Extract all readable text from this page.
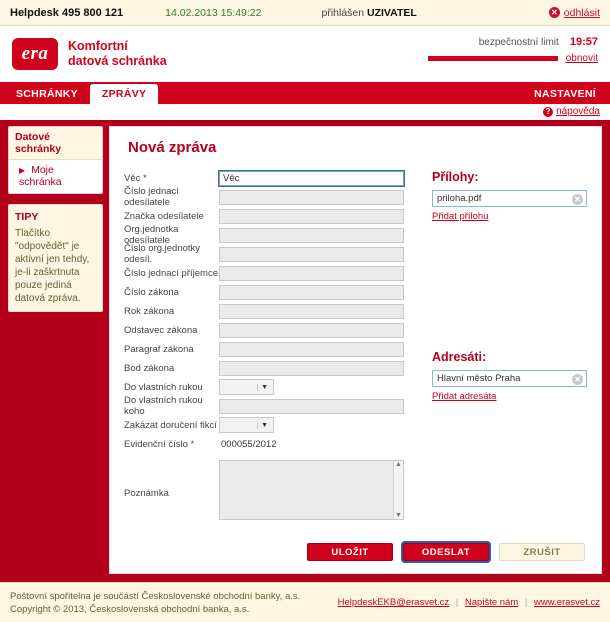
Helpdesk 495 800 121	14.02.2013 15:49:22	přihlášen UZIVATEL	✕ odhlásit
era	Komfortní
datová schránka
bezpečnostní limit 19:57
obnovit
SCHRÁNKY	ZPRÁVY	NASTAVENÍ
? nápověda
Datové schránky
▶ Moje schránka
TIPY
Tlačítko "odpovědět" je aktivní jen tehdy, je-li zaškrtnuta pouze jediná datová zpráva.
Nová zpráva
Věc *
Věc
Číslo jednací odesílatele
Značka odesílatele
Org.jednotka odesílatele
Číslo org.jednotky odesíl.
Číslo jednací příjemce
Číslo zákona
Rok zákona
Odstavec zákona
Paragraf zákona
Bod zákona
Do vlastních rukou	▼
Do vlastních rukou koho
Zakázat doručení fikcí	▼
Evidenční číslo *	000055/2012
Poznámka
▲
▼
Přílohy:
priloha.pdf	✕
Přidat přílohu
Adresáti:
Hlavní město Praha	✕
Přidat adresáta
ULOŽIT	ODESLAT	ZRUŠIT
Poštovní spořitelna je součástí Československé obchodní banky, a.s.
Copyright © 2013, Československá obchodní banka, a.s.
HelpdeskEKB@erasvet.cz | Napište nám | www.erasvet.cz
